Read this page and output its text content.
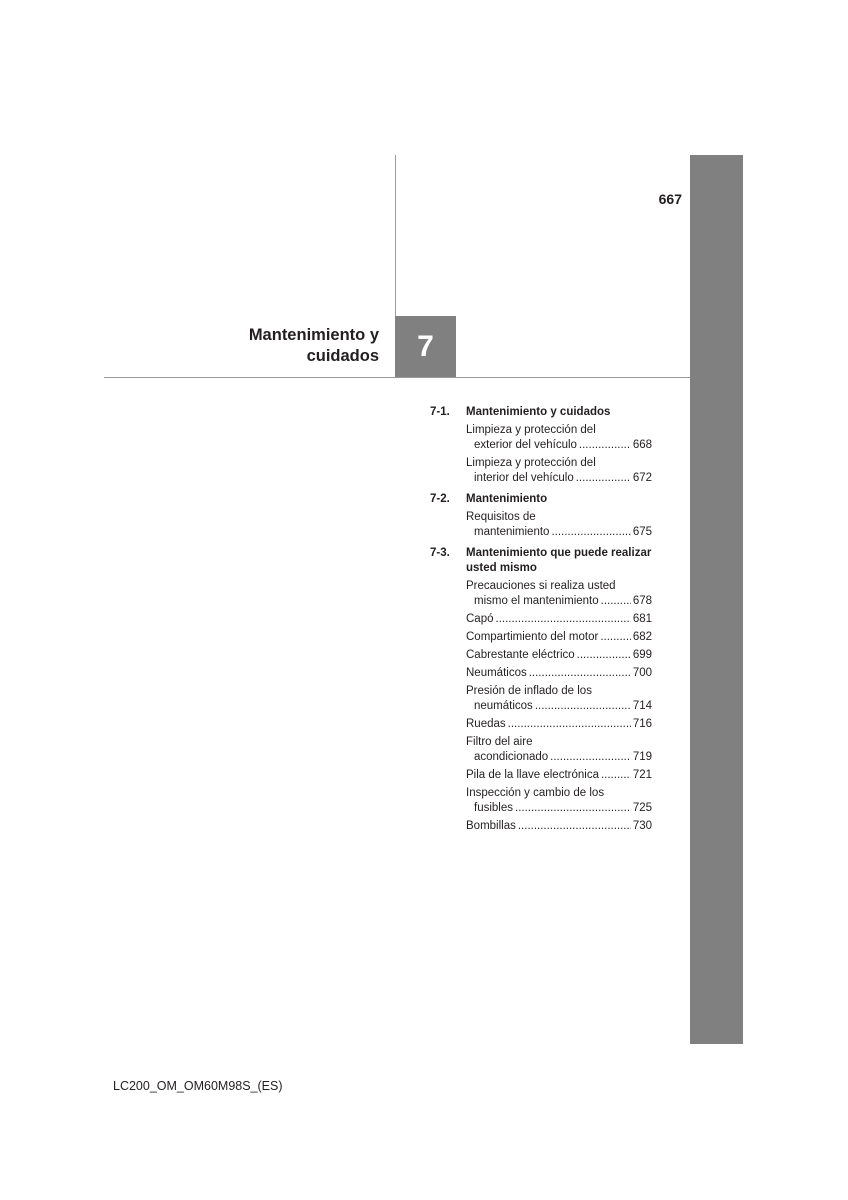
667
Mantenimiento y
cuidados	7
7-1.	Mantenimiento y cuidados
Limpieza y protección del
exterior del vehículo .....	668
Limpieza y protección del
interior del vehículo .....	672
7-2.	Mantenimiento
Requisitos de
mantenimiento .....	675
7-3.	Mantenimiento que puede realizar usted mismo
Precauciones si realiza usted
mismo el mantenimiento .....	678
Capó .....	681
Compartimiento del motor .....	682
Cabrestante eléctrico .....	699
Neumáticos .....	700
Presión de inflado de los
neumáticos .....	714
Ruedas .....	716
Filtro del aire
acondicionado .....	719
Pila de la llave electrónica .....	721
Inspección y cambio de los
fusibles .....	725
Bombillas .....	730
LC200_OM_OM60M98S_(ES)
